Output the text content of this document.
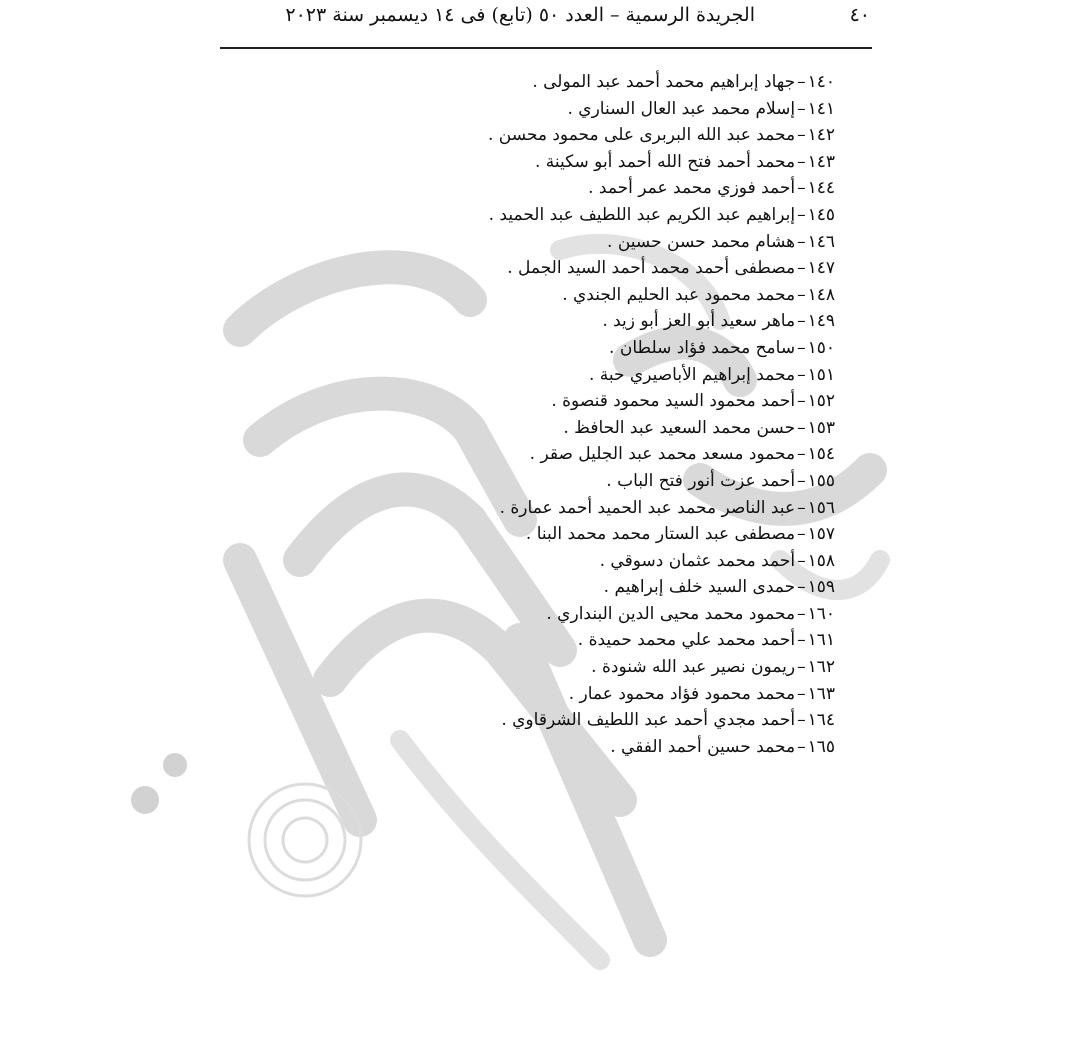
٤٠
الجريدة الرسمية – العدد ٥٠ (تابع) فى ١٤ ديسمبر سنة ٢٠٢٣
١٤٠–جهاد إبراهيم محمد أحمد عبد المولى .
١٤١–إسلام محمد عبد العال السناري .
١٤٢–محمد عبد الله البربرى على محمود محسن .
١٤٣–محمد أحمد فتح الله أحمد أبو سكينة .
١٤٤–أحمد فوزي محمد عمر أحمد .
١٤٥–إبراهيم عبد الكريم عبد اللطيف عبد الحميد .
١٤٦–هشام محمد حسن حسين .
١٤٧–مصطفى أحمد محمد أحمد السيد الجمل .
١٤٨–محمد محمود عبد الحليم الجندي .
١٤٩–ماهر سعيد أبو العز أبو زيد .
١٥٠–سامح محمد فؤاد سلطان .
١٥١–محمد إبراهيم الأباصيري حبة .
١٥٢–أحمد محمود السيد محمود قنصوة .
١٥٣–حسن محمد السعيد عبد الحافظ .
١٥٤–محمود مسعد محمد عبد الجليل صقر .
١٥٥–أحمد عزت أنور فتح الباب .
١٥٦–عبد الناصر محمد عبد الحميد أحمد عمارة .
١٥٧–مصطفى عبد الستار محمد محمد البنا .
١٥٨–أحمد محمد عثمان دسوقي .
١٥٩–حمدى السيد خلف إبراهيم .
١٦٠–محمود محمد محيى الدين البنداري .
١٦١–أحمد محمد علي محمد حميدة .
١٦٢–ريمون نصير عبد الله شنودة .
١٦٣–محمد محمود فؤاد محمود عمار .
١٦٤–أحمد مجدي أحمد عبد اللطيف الشرقاوي .
١٦٥–محمد حسين أحمد الفقي .
